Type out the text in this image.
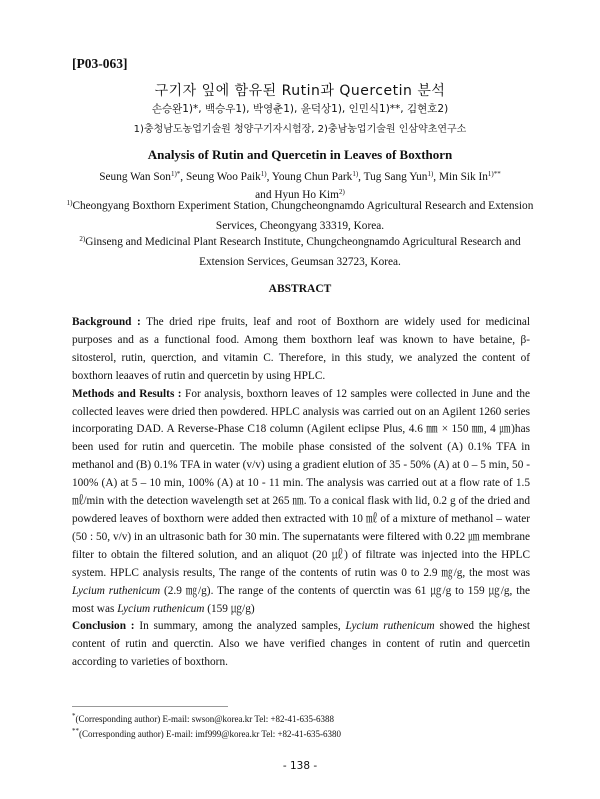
[P03-063]
구기자 잎에 함유된 Rutin과 Quercetin 분석
손승완1)*, 백승우1), 박영춘1), 윤덕상1), 인민식1)**, 김현호2)
1)충청남도농업기술원 청양구기자시험장, 2)충남농업기술원 인삼약초연구소
Analysis of Rutin and Quercetin in Leaves of Boxthorn
Seung Wan Son$^{1)*}$, Seung Woo Paik$^{1)}$, Young Chun Park$^{1)}$, Tug Sang Yun$^{1)}$, Min Sik $In^{1)**}$
and Hyun Ho Kim$^{2)}$
$^{1)}$Cheongyang Boxthorn Experiment Station, Chungcheongnamdo Agricultural Research and Extension Services, Cheongyang 33319, Korea.
$^{2)}$Ginseng and Medicinal Plant Research Institute, Chungcheongnamdo Agricultural Research and Extension Services, Geumsan 32723, Korea.
ABSTRACT

Background : The dried ripe fruits, leaf and root of Boxthorn are widely used for medicinal purposes and as a functional food. Among them boxthorn leaf was known to have betaine, β-sitosterol, rutin, querction, and vitamin C. Therefore, in this study, we analyzed the content of boxthorn leaaves of rutin and quercetin by using HPLC.

Methods and Results : For analysis, boxthorn leaves of 12 samples were collected in June and the collected leaves were dried then powdered. HPLC analysis was carried out on an Agilent 1260 series incorporating DAD. A Reverse-Phase C18 column (Agilent eclipse Plus, 4.6 ㎜ × 150 ㎜, 4 ㎛)has been used for rutin and quercetin. The mobile phase consisted of the solvent (A) 0.1% TFA in methanol and (B) 0.1% TFA in water (v/v) using a gradient elution of 35 - 50% (A) at 0 – 5 min, 50 - 100% (A) at 5 – 10 min, 100% (A) at 10 - 11 min. The analysis was carried out at a flow rate of 1.5 ㎖/min with the detection wavelength set at 265 ㎚. To a conical flask with lid, 0.2 g of the dried and powdered leaves of boxthorn were added then extracted with 10 ㎖ of a mixture of methanol – water (50 : 50, v/v) in an ultrasonic bath for 30 min. The supernatants were filtered with 0.22 ㎛ membrane filter to obtain the filtered solution, and an aliquot (20 ㎕) of filtrate was injected into the HPLC system. HPLC analysis results, The range of the contents of rutin was 0 to 2.9 ㎎/g, the most was Lycium ruthenicum (2.9 ㎎/g). The range of the contents of querctin was 61 ㎍/g to 159 ㎍/g, the most was Lycium ruthenicum (159 ㎍/g)

Conclusion : In summary, among the analyzed samples, Lycium ruthenicum showed the highest content of rutin and querctin. Also we have verified changes in content of rutin and quercetin according to varieties of boxthorn.

*(Corresponding author) E-mail: swson@korea.kr Tel: +82-41-635-6388
**(Corresponding author) E-mail: imf999@korea.kr Tel: +82-41-635-6380
- 138 -
